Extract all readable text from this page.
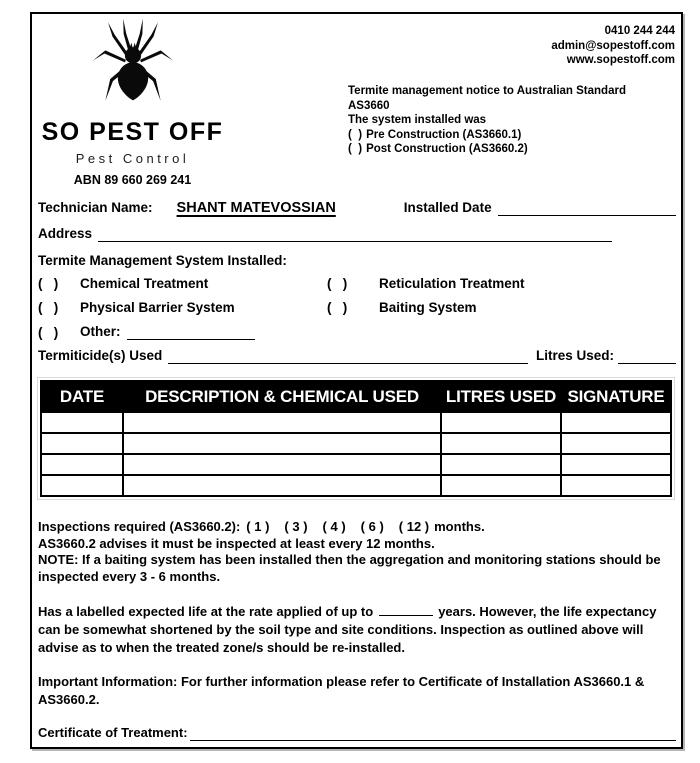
0410 244 244
admin@sopestoff.com
www.sopestoff.com
SO PEST OFF
Pest Control
ABN 89 660 269 241
Termite management notice to Australian Standard
AS3660
The system installed was
(  ) Pre Construction (AS3660.1)
(  ) Post Construction (AS3660.2)
Technician Name: SHANT MATEVOSSIAN	Installed Date
Address
Termite Management System Installed:
(   )	Chemical Treatment	(   )	Reticulation Treatment
(   )	Physical Barrier System	(   )	Baiting System
(   )	Other:
Termiticide(s) Used	Litres Used:
DATE	DESCRIPTION & CHEMICAL USED	LITRES USED	SIGNATURE

Inspections required (AS3660.2): ( 1 ) ( 3 ) ( 4 ) ( 6 ) ( 12 ) months.
AS3660.2 advises it must be inspected at least every 12 months.
NOTE: If a baiting system has been installed then the aggregation and monitoring stations should be inspected every 3 - 6 months.
Has a labelled expected life at the rate applied of up to	years. However, the life expectancy can be somewhat shortened by the soil type and site conditions. Inspection as outlined above will advise as to when the treated zone/s should be re-installed.
Important Information: For further information please refer to Certificate of Installation AS3660.1 & AS3660.2.
Certificate of Treatment:
